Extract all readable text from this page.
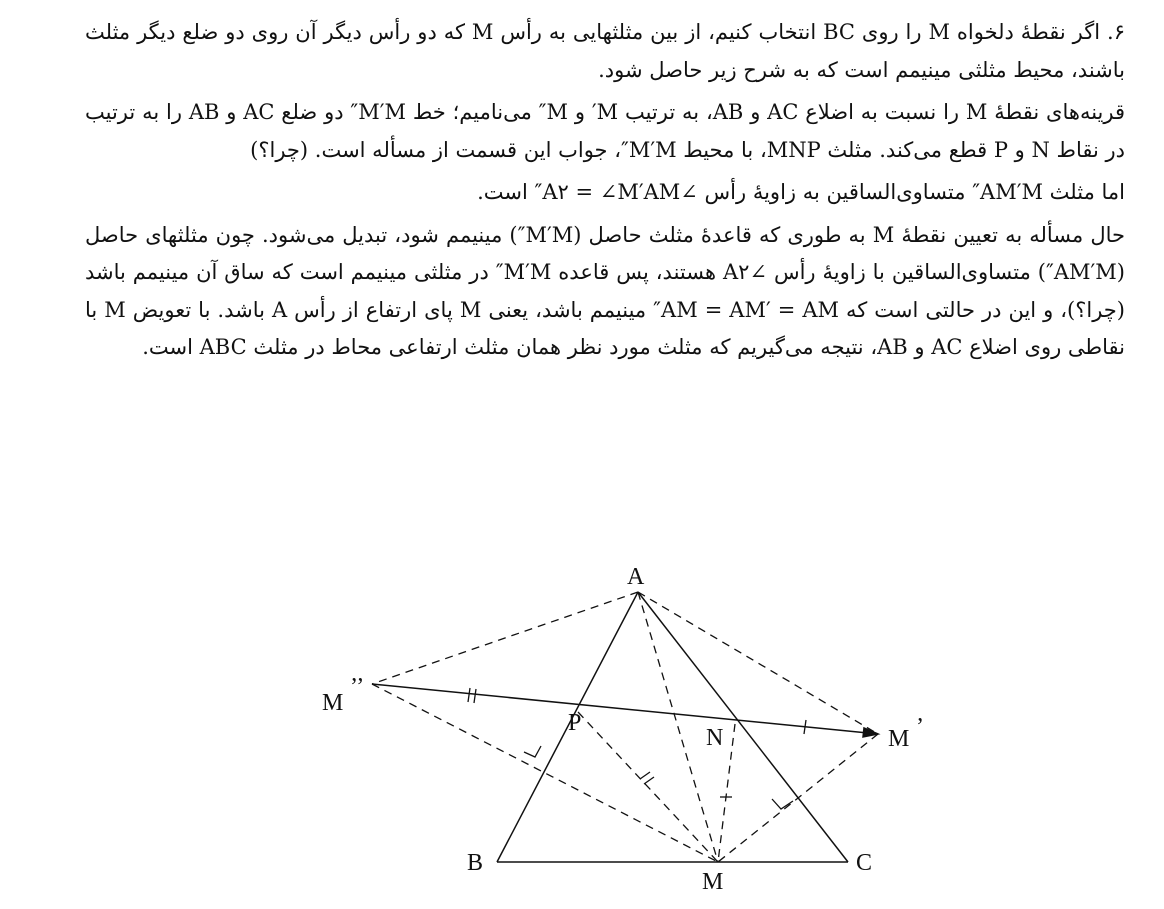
۶. اگر نقطهٔ دلخواه M را روی BC انتخاب کنیم، از بین مثلثهایی به رأس M که دو رأس دیگر آن روی دو ضلع دیگر مثلث باشند، محیط مثلثی مینیمم است که به شرح زیر حاصل شود.

قرینه‌های نقطهٔ M را نسبت به اضلاع AC و AB، به ترتیب M′ و M″ می‌نامیم؛ خط M′M″ دو ضلع AC و AB را به ترتیب در نقاط N و P قطع می‌کند. مثلث MNP، با محیط M′M″، جواب این قسمت از مسأله است. (چرا؟)

اما مثلث AM′M″ متساوی‌الساقین به زاویهٔ رأس ∠A۲ = ∠M′AM″ است.

حال مسأله به تعیین نقطهٔ M به طوری که قاعدهٔ مثلث حاصل (M′M″) مینیمم شود، تبدیل می‌شود. چون مثلثهای حاصل (AM′M″) متساوی‌الساقین با زاویهٔ رأس ∠A۲ هستند، پس قاعده M′M″ در مثلثی مینیمم است که ساق آن مینیمم باشد (چرا؟)، و این در حالتی است که AM = AM′ = AM″ مینیمم باشد، یعنی M پای ارتفاع از رأس A باشد. با تعویض M با نقاطی روی اضلاع AC و AB، نتیجه می‌گیریم که مثلث مورد نظر همان مثلث ارتفاعی محاط در مثلث ABC است.

A
B	C
M
N
P
M ’
M
’’
